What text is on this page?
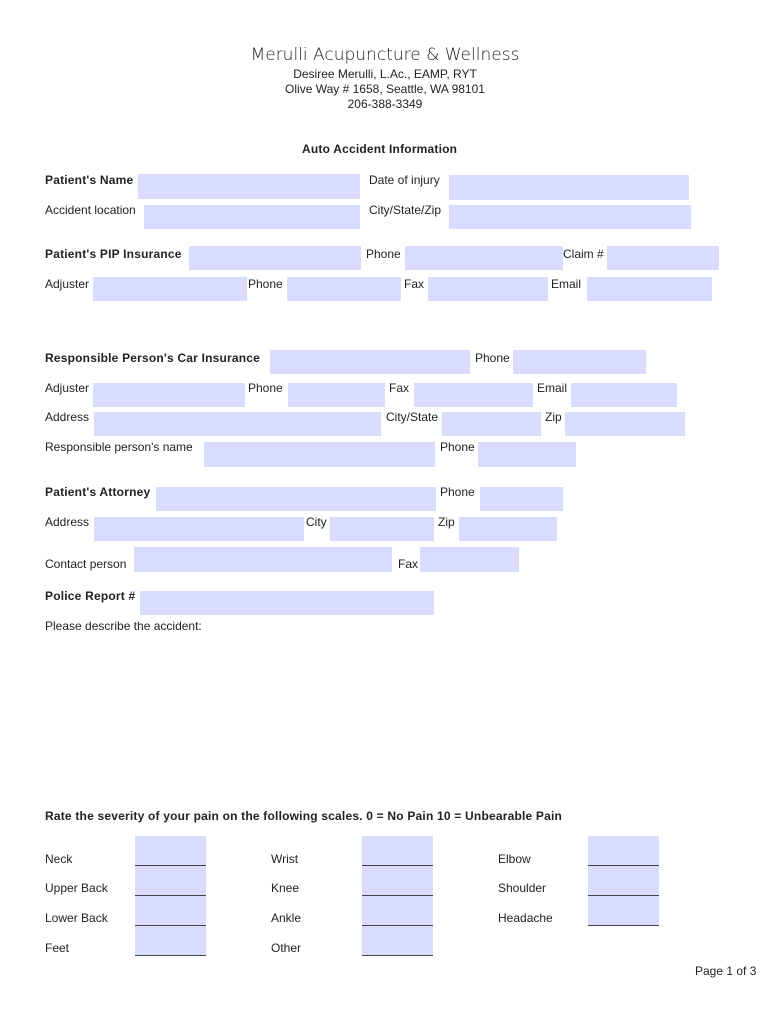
Merulli Acupuncture & Wellness
Desiree Merulli, L.Ac., EAMP, RYT
Olive Way # 1658, Seattle, WA 98101
206-388-3349
Auto Accident Information
Patient's Name	Date of injury
Accident location	City/State/Zip
Patient's PIP Insurance	Phone	Claim #
Adjuster	Phone	Fax	Email
Responsible Person's Car Insurance	Phone
Adjuster	Phone	Fax	Email
Address	City/State	Zip
Responsible person's name	Phone
Patient's Attorney	Phone
Address	City	Zip
Contact person	Fax
Police Report #
Please describe the accident:
Rate the severity of your pain on the following scales. 0 = No Pain 10 = Unbearable Pain
Neck
Upper Back
Lower Back
Feet
Wrist
Knee
Ankle
Other
Elbow
Shoulder
Headache
Page 1 of 3
